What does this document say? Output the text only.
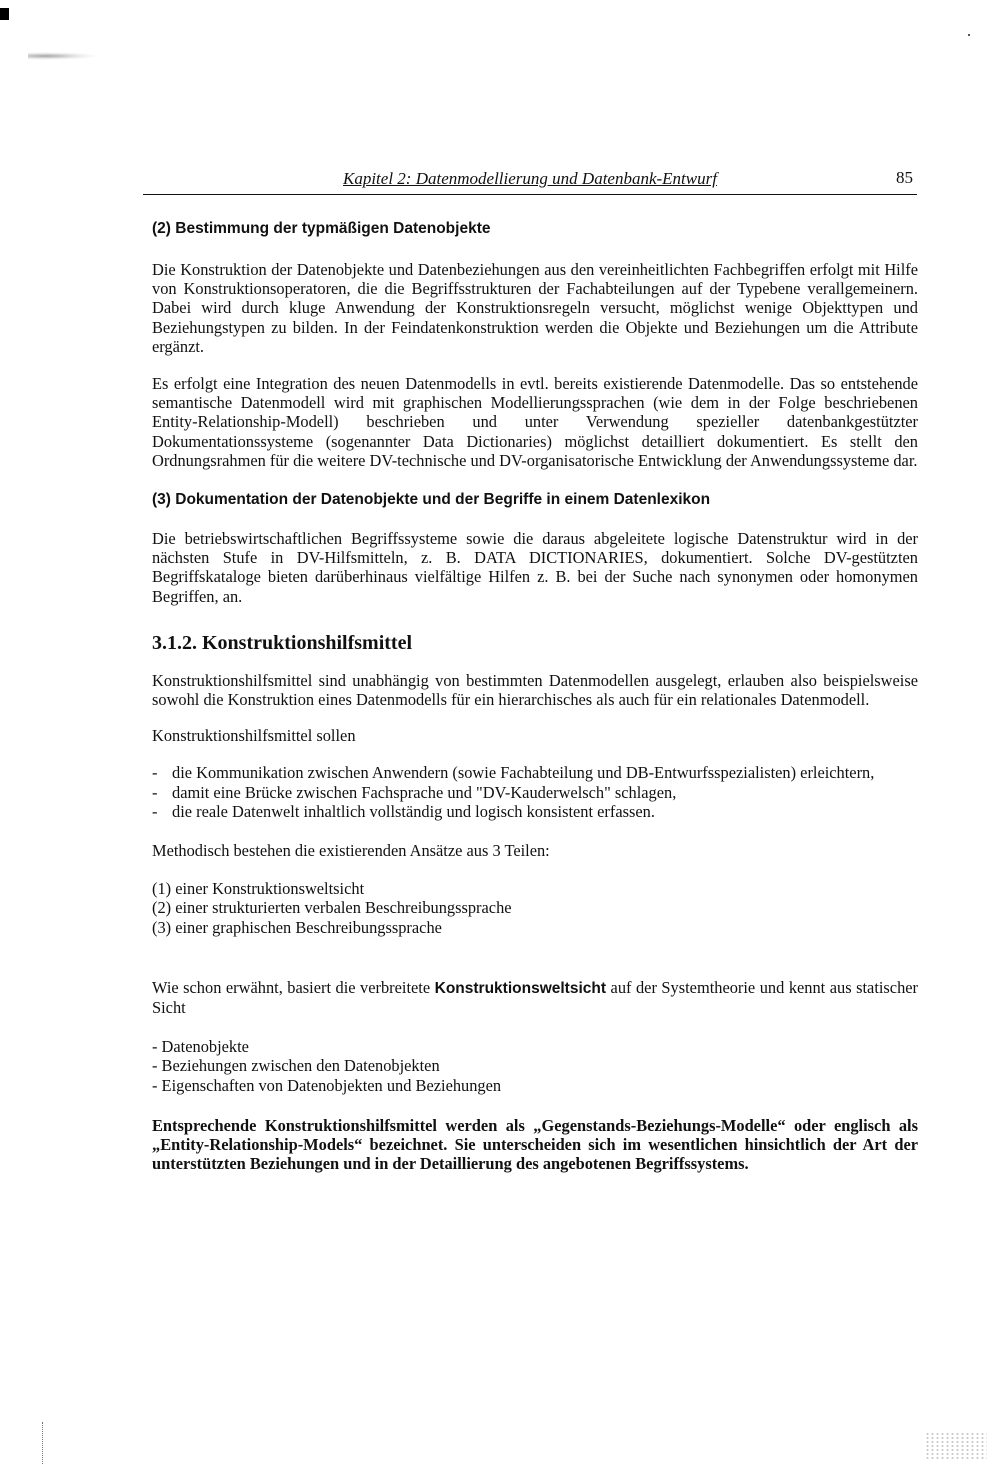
Kapitel 2: Datenmodellierung und Datenbank-Entwurf	85
(2) Bestimmung der typmäßigen Datenobjekte

Die Konstruktion der Datenobjekte und Datenbeziehungen aus den vereinheitlichten Fachbegriffen erfolgt mit Hilfe von Konstruktionsoperatoren, die die Begriffsstrukturen der Fachabteilungen auf der Typebene verallgemeinern. Dabei wird durch kluge Anwendung der Konstruktionsregeln versucht, möglichst wenige Objekttypen und Beziehungstypen zu bilden. In der Feindatenkonstruktion werden die Objekte und Beziehungen um die Attribute ergänzt.

Es erfolgt eine Integration des neuen Datenmodells in evtl. bereits existierende Datenmodelle. Das so entstehende semantische Datenmodell wird mit graphischen Modellierungssprachen (wie dem in der Folge beschriebenen Entity-Relationship-Modell) beschrieben und unter Verwendung spezieller datenbankgestützter Dokumentationssysteme (sogenannter Data Dictionaries) möglichst detailliert dokumentiert. Es stellt den Ordnungsrahmen für die weitere DV-technische und DV-organisatorische Entwicklung der Anwendungssysteme dar.

(3) Dokumentation der Datenobjekte und der Begriffe in einem Datenlexikon

Die betriebswirtschaftlichen Begriffssysteme sowie die daraus abgeleitete logische Datenstruktur wird in der nächsten Stufe in DV-Hilfsmitteln, z. B. DATA DICTIONARIES, dokumentiert. Solche DV-gestützten Begriffskataloge bieten darüberhinaus vielfältige Hilfen z. B. bei der Suche nach synonymen oder homonymen Begriffen, an.

3.1.2. Konstruktionshilfsmittel

Konstruktionshilfsmittel sind unabhängig von bestimmten Datenmodellen ausgelegt, erlauben also beispielsweise sowohl die Konstruktion eines Datenmodells für ein hierarchisches als auch für ein relationales Datenmodell.

Konstruktionshilfsmittel sollen

- die Kommunikation zwischen Anwendern (sowie Fachabteilung und DB-Entwurfsspezialisten) erleichtern,
- damit eine Brücke zwischen Fachsprache und "DV-Kauderwelsch" schlagen,
- die reale Datenwelt inhaltlich vollständig und logisch konsistent erfassen.

Methodisch bestehen die existierenden Ansätze aus 3 Teilen:

(1) einer Konstruktionsweltsicht
(2) einer strukturierten verbalen Beschreibungssprache
(3) einer graphischen Beschreibungssprache

Wie schon erwähnt, basiert die verbreitete Konstruktionsweltsicht auf der Systemtheorie und kennt aus statischer Sicht

- Datenobjekte
- Beziehungen zwischen den Datenobjekten
- Eigenschaften von Datenobjekten und Beziehungen

Entsprechende Konstruktionshilfsmittel werden als „Gegenstands-Beziehungs-Modelle“ oder englisch als „Entity-Relationship-Models“ bezeichnet. Sie unterscheiden sich im wesentlichen hinsichtlich der Art der unterstützten Beziehungen und in der Detaillierung des angebotenen Begriffssystems.
